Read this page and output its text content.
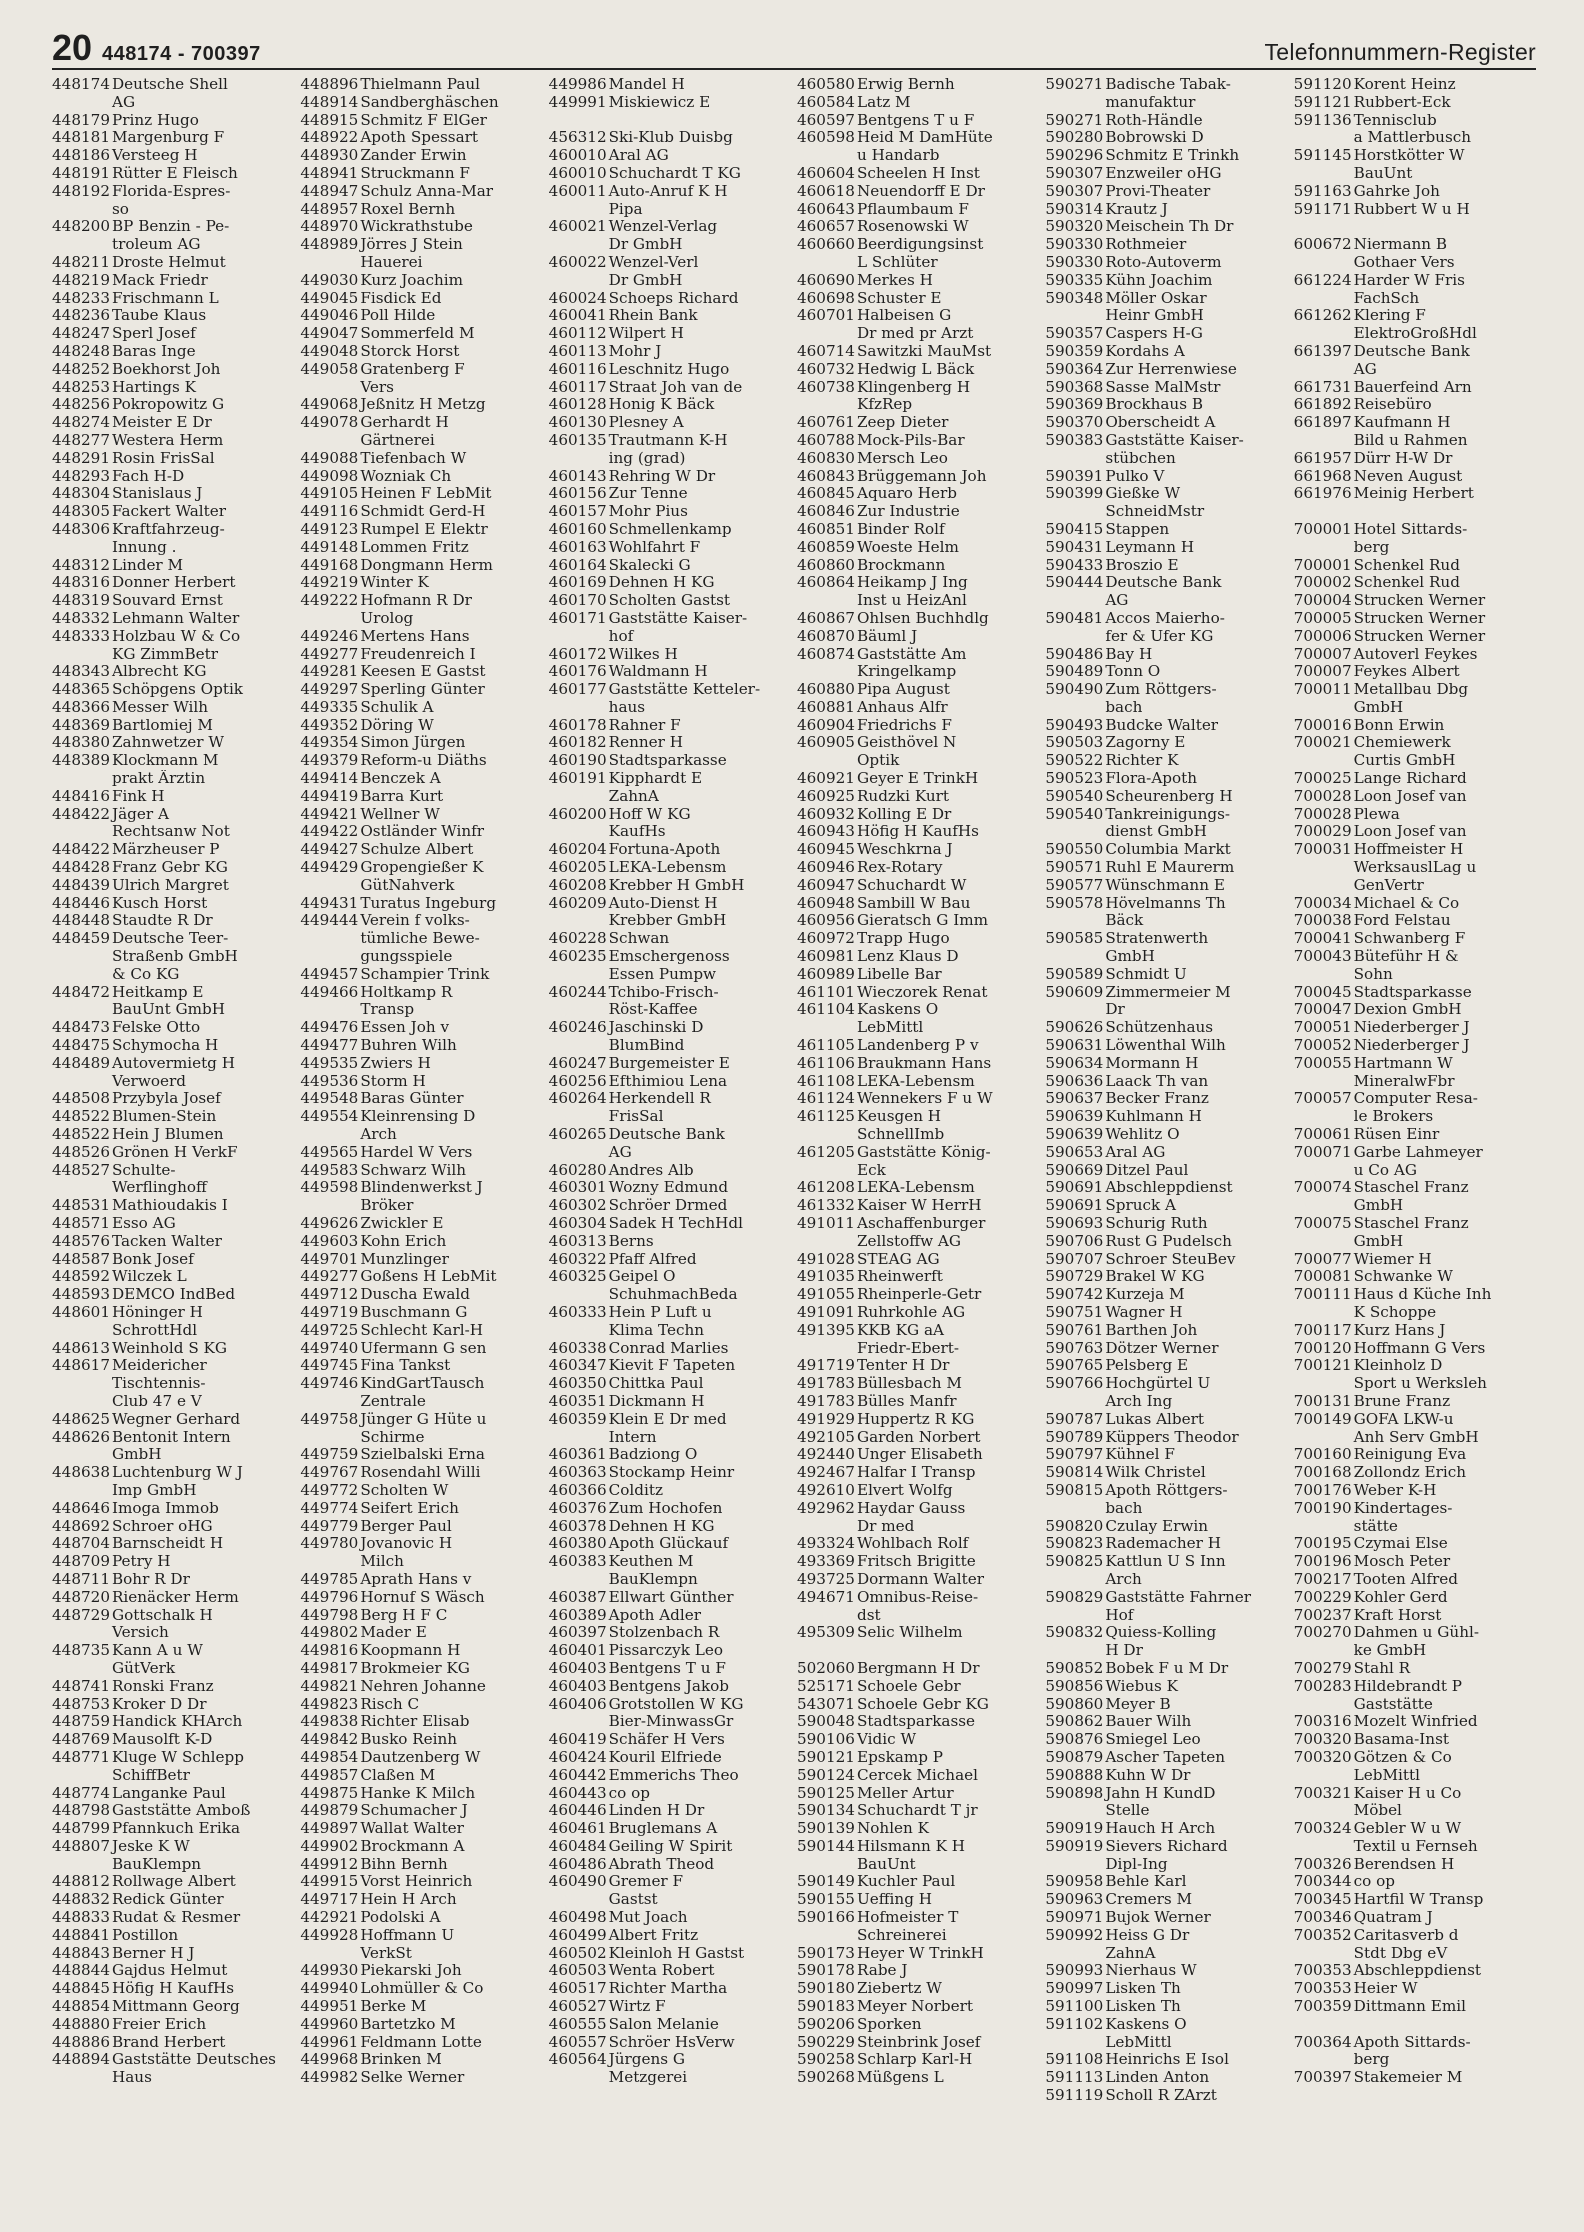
20 448174 - 700397	Telefonnummern-Register
448174 Deutsche Shell
AG
448179 Prinz Hugo
448181 Margenburg F
448186 Versteeg H
448191 Rütter E Fleisch
448192 Florida-Espres-
so
448200 BP Benzin - Pe-
troleum AG
448211 Droste Helmut
448219 Mack Friedr
448233 Frischmann L
448236 Taube Klaus
448247 Sperl Josef
448248 Baras Inge
448252 Boekhorst Joh
448253 Hartings K
448256 Pokropowitz G
448274 Meister E Dr
448277 Westera Herm
448291 Rosin FrisSal
448293 Fach H-D
448304 Stanislaus J
448305 Fackert Walter
448306 Kraftfahrzeug-
Innung .
448312 Linder M
448316 Donner Herbert
448319 Souvard Ernst
448332 Lehmann Walter
448333 Holzbau W & Co
KG ZimmBetr
448343 Albrecht KG
448365 Schöpgens Optik
448366 Messer Wilh
448369 Bartlomiej M
448380 Zahnwetzer W
448389 Klockmann M
prakt Ärztin
448416 Fink H
448422 Jäger A
Rechtsanw Not
448422 Märzheuser P
448428 Franz Gebr KG
448439 Ulrich Margret
448446 Kusch Horst
448448 Staudte R Dr
448459 Deutsche Teer-
Straßenb GmbH
& Co KG
448472 Heitkamp E
BauUnt GmbH
448473 Felske Otto
448475 Schymocha H
448489 Autovermietg H
Verwoerd
448508 Przybyla Josef
448522 Blumen-Stein
448522 Hein J Blumen
448526 Grönen H VerkF
448527 Schulte-
Werflinghoff
448531 Mathioudakis I
448571 Esso AG
448576 Tacken Walter
448587 Bonk Josef
448592 Wilczek L
448593 DEMCO IndBed
448601 Höninger H
SchrottHdl
448613 Weinhold S KG
448617 Meidericher
Tischtennis-
Club 47 e V
448625 Wegner Gerhard
448626 Bentonit Intern
GmbH
448638 Luchtenburg W J
Imp GmbH
448646 Imoga Immob
448692 Schroer oHG
448704 Barnscheidt H
448709 Petry H
448711 Bohr R Dr
448720 Rienäcker Herm
448729 Gottschalk H
Versich
448735 Kann A u W
GütVerk
448741 Ronski Franz
448753 Kroker D Dr
448759 Handick KHArch
448769 Mausolft K-D
448771 Kluge W Schlepp
SchiffBetr
448774 Langanke Paul
448798 Gaststätte Amboß
448799 Pfannkuch Erika
448807 Jeske K W
BauKlempn
448812 Rollwage Albert
448832 Redick Günter
448833 Rudat & Resmer
448841 Postillon
448843 Berner H J
448844 Gajdus Helmut
448845 Höfig H KaufHs
448854 Mittmann Georg
448880 Freier Erich
448886 Brand Herbert
448894 Gaststätte Deutsches
Haus
448896 Thielmann Paul
448914 Sandberghäschen
448915 Schmitz F ElGer
448922 Apoth Spessart
448930 Zander Erwin
448941 Struckmann F
448947 Schulz Anna-Mar
448957 Roxel Bernh
448970 Wickrathstube
448989 Jörres J Stein
Hauerei
449030 Kurz Joachim
449045 Fisdick Ed
449046 Poll Hilde
449047 Sommerfeld M
449048 Storck Horst
449058 Gratenberg F
Vers
449068 Jeßnitz H Metzg
449078 Gerhardt H
Gärtnerei
449088 Tiefenbach W
449098 Wozniak Ch
449105 Heinen F LebMit
449116 Schmidt Gerd-H
449123 Rumpel E Elektr
449148 Lommen Fritz
449168 Dongmann Herm
449219 Winter K
449222 Hofmann R Dr
Urolog
449246 Mertens Hans
449277 Freudenreich I
449281 Keesen E Gastst
449297 Sperling Günter
449335 Schulik A
449352 Döring W
449354 Simon Jürgen
449379 Reform-u Diäths
449414 Benczek A
449419 Barra Kurt
449421 Wellner W
449422 Ostländer Winfr
449427 Schulze Albert
449429 Gropengießer K
GütNahverk
449431 Turatus Ingeburg
449444 Verein f volks-
tümliche Bewe-
gungsspiele
449457 Schampier Trink
449466 Holtkamp R
Transp
449476 Essen Joh v
449477 Buhren Wilh
449535 Zwiers H
449536 Storm H
449548 Baras Günter
449554 Kleinrensing D
Arch
449565 Hardel W Vers
449583 Schwarz Wilh
449598 Blindenwerkst J
Bröker
449626 Zwickler E
449603 Kohn Erich
449701 Munzlinger
449277 Goßens H LebMit
449712 Duscha Ewald
449719 Buschmann G
449725 Schlecht Karl-H
449740 Ufermann G sen
449745 Fina Tankst
449746 KindGartTausch
Zentrale
449758 Jünger G Hüte u
Schirme
449759 Szielbalski Erna
449767 Rosendahl Willi
449772 Scholten W
449774 Seifert Erich
449779 Berger Paul
449780 Jovanovic H
Milch
449785 Aprath Hans v
449796 Hornuf S Wäsch
449798 Berg H F C
449802 Mader E
449816 Koopmann H
449817 Brokmeier KG
449821 Nehren Johanne
449823 Risch C
449838 Richter Elisab
449842 Busko Reinh
449854 Dautzenberg W
449857 Claßen M
449875 Hanke K Milch
449879 Schumacher J
449897 Wallat Walter
449902 Brockmann A
449912 Bihn Bernh
449915 Vorst Heinrich
449717 Hein H Arch
442921 Podolski A
449928 Hoffmann U
VerkSt
449930 Piekarski Joh
449940 Lohmüller & Co
449951 Berke M
449960 Bartetzko M
449961 Feldmann Lotte
449968 Brinken M
449982 Selke Werner
449986 Mandel H
449991 Miskiewicz E
456312 Ski-Klub Duisbg
460010 Aral AG
460010 Schuchardt T KG
460011 Auto-Anruf K H
Pipa
460021 Wenzel-Verlag
Dr GmbH
460022 Wenzel-Verl
Dr GmbH
460024 Schoeps Richard
460041 Rhein Bank
460112 Wilpert H
460113 Mohr J
460116 Leschnitz Hugo
460117 Straat Joh van de
460128 Honig K Bäck
460130 Plesney A
460135 Trautmann K-H
ing (grad)
460143 Rehring W Dr
460156 Zur Tenne
460157 Mohr Pius
460160 Schmellenkamp
460163 Wohlfahrt F
460164 Skalecki G
460169 Dehnen H KG
460170 Scholten Gastst
460171 Gaststätte Kaiser-
hof
460172 Wilkes H
460176 Waldmann H
460177 Gaststätte Ketteler-
haus
460178 Rahner F
460182 Renner H
460190 Stadtsparkasse
460191 Kipphardt E
ZahnA
460200 Hoff W KG
KaufHs
460204 Fortuna-Apoth
460205 LEKA-Lebensm
460208 Krebber H GmbH
460209 Auto-Dienst H
Krebber GmbH
460228 Schwan
460235 Emschergenoss
Essen Pumpw
460244 Tchibo-Frisch-
Röst-Kaffee
460246 Jaschinski D
BlumBind
460247 Burgemeister E
460256 Efthimiou Lena
460264 Herkendell R
FrisSal
460265 Deutsche Bank
AG
460280 Andres Alb
460301 Wozny Edmund
460302 Schröer Drmed
460304 Sadek H TechHdl
460313 Berns
460322 Pfaff Alfred
460325 Geipel O
SchuhmachBeda
460333 Hein P Luft u
Klima Techn
460338 Conrad Marlies
460347 Kievit F Tapeten
460350 Chittka Paul
460351 Dickmann H
460359 Klein E Dr med
Intern
460361 Badziong O
460363 Stockamp Heinr
460366 Colditz
460376 Zum Hochofen
460378 Dehnen H KG
460380 Apoth Glückauf
460383 Keuthen M
BauKlempn
460387 Ellwart Günther
460389 Apoth Adler
460397 Stolzenbach R
460401 Pissarczyk Leo
460403 Bentgens T u F
460403 Bentgens Jakob
460406 Grotstollen W KG
Bier-MinwassGr
460419 Schäfer H Vers
460424 Kouril Elfriede
460442 Emmerichs Theo
460443 co op
460446 Linden H Dr
460461 Bruglemans A
460484 Geiling W Spirit
460486 Abrath Theod
460490 Gremer F
Gastst
460498 Mut Joach
460499 Albert Fritz
460502 Kleinloh H Gastst
460503 Wenta Robert
460517 Richter Martha
460527 Wirtz F
460555 Salon Melanie
460557 Schröer HsVerw
460564 Jürgens G
Metzgerei
460580 Erwig Bernh
460584 Latz M
460597 Bentgens T u F
460598 Heid M DamHüte
u Handarb
460604 Scheelen H Inst
460618 Neuendorff E Dr
460643 Pflaumbaum F
460657 Rosenowski W
460660 Beerdigungsinst
L Schlüter
460690 Merkes H
460698 Schuster E
460701 Halbeisen G
Dr med pr Arzt
460714 Sawitzki MauMst
460732 Hedwig L Bäck
460738 Klingenberg H
KfzRep
460761 Zeep Dieter
460788 Mock-Pils-Bar
460830 Mersch Leo
460843 Brüggemann Joh
460845 Aquaro Herb
460846 Zur Industrie
460851 Binder Rolf
460859 Woeste Helm
460860 Brockmann
460864 Heikamp J Ing
Inst u HeizAnl
460867 Ohlsen Buchhdlg
460870 Bäuml J
460874 Gaststätte Am
Kringelkamp
460880 Pipa August
460881 Anhaus Alfr
460904 Friedrichs F
460905 Geisthövel N
Optik
460921 Geyer E TrinkH
460925 Rudzki Kurt
460932 Kolling E Dr
460943 Höfig H KaufHs
460945 Weschkrna J
460946 Rex-Rotary
460947 Schuchardt W
460948 Sambill W Bau
460956 Gieratsch G Imm
460972 Trapp Hugo
460981 Lenz Klaus D
460989 Libelle Bar
461101 Wieczorek Renat
461104 Kaskens O
LebMittl
461105 Landenberg P v
461106 Braukmann Hans
461108 LEKA-Lebensm
461124 Wennekers F u W
461125 Keusgen H
SchnellImb
461205 Gaststätte König-
Eck
461208 LEKA-Lebensm
461332 Kaiser W HerrH
491011 Aschaffenburger
Zellstoffw AG
491028 STEAG AG
491035 Rheinwerft
491055 Rheinperle-Getr
491091 Ruhrkohle AG
491395 KKB KG aA
Friedr-Ebert-
491719 Tenter H Dr
491783 Büllesbach M
491783 Bülles Manfr
491929 Huppertz R KG
492105 Garden Norbert
492440 Unger Elisabeth
492467 Halfar I Transp
492610 Elvert Wolfg
492962 Haydar Gauss
Dr med
493324 Wohlbach Rolf
493369 Fritsch Brigitte
493725 Dormann Walter
494671 Omnibus-Reise-
dst
495309 Selic Wilhelm
502060 Bergmann H Dr
525171 Schoele Gebr
543071 Schoele Gebr KG
590048 Stadtsparkasse
590106 Vidic W
590121 Epskamp P
590124 Cercek Michael
590125 Meller Artur
590134 Schuchardt T jr
590139 Nohlen K
590144 Hilsmann K H
BauUnt
590149 Kuchler Paul
590155 Ueffing H
590166 Hofmeister T
Schreinerei
590173 Heyer W TrinkH
590178 Rabe J
590180 Ziebertz W
590183 Meyer Norbert
590206 Sporken
590229 Steinbrink Josef
590258 Schlarp Karl-H
590268 Müßgens L
590271 Badische Tabak-
manufaktur
590271 Roth-Händle
590280 Bobrowski D
590296 Schmitz E Trinkh
590307 Enzweiler oHG
590307 Provi-Theater
590314 Krautz J
590320 Meischein Th Dr
590330 Rothmeier
590330 Roto-Autoverm
590335 Kühn Joachim
590348 Möller Oskar
Heinr GmbH
590357 Caspers H-G
590359 Kordahs A
590364 Zur Herrenwiese
590368 Sasse MalMstr
590369 Brockhaus B
590370 Oberscheidt A
590383 Gaststätte Kaiser-
stübchen
590391 Pulko V
590399 Gießke W
SchneidMstr
590415 Stappen
590431 Leymann H
590433 Broszio E
590444 Deutsche Bank
AG
590481 Accos Maierho-
fer & Ufer KG
590486 Bay H
590489 Tonn O
590490 Zum Röttgers-
bach
590493 Budcke Walter
590503 Zagorny E
590522 Richter K
590523 Flora-Apoth
590540 Scheurenberg H
590540 Tankreinigungs-
dienst GmbH
590550 Columbia Markt
590571 Ruhl E Maurerm
590577 Wünschmann E
590578 Hövelmanns Th
Bäck
590585 Stratenwerth
GmbH
590589 Schmidt U
590609 Zimmermeier M
Dr
590626 Schützenhaus
590631 Löwenthal Wilh
590634 Mormann H
590636 Laack Th van
590637 Becker Franz
590639 Kuhlmann H
590639 Wehlitz O
590653 Aral AG
590669 Ditzel Paul
590691 Abschleppdienst
590691 Spruck A
590693 Schurig Ruth
590706 Rust G Pudelsch
590707 Schroer SteuBev
590729 Brakel W KG
590742 Kurzeja M
590751 Wagner H
590761 Barthen Joh
590763 Dötzer Werner
590765 Pelsberg E
590766 Hochgürtel U
Arch Ing
590787 Lukas Albert
590789 Küppers Theodor
590797 Kühnel F
590814 Wilk Christel
590815 Apoth Röttgers-
bach
590820 Czulay Erwin
590823 Rademacher H
590825 Kattlun U S Inn
Arch
590829 Gaststätte Fahrner
Hof
590832 Quiess-Kolling
H Dr
590852 Bobek F u M Dr
590856 Wiebus K
590860 Meyer B
590862 Bauer Wilh
590876 Smiegel Leo
590879 Ascher Tapeten
590888 Kuhn W Dr
590898 Jahn H KundD
Stelle
590919 Hauch H Arch
590919 Sievers Richard
Dipl-Ing
590958 Behle Karl
590963 Cremers M
590971 Bujok Werner
590992 Heiss G Dr
ZahnA
590993 Nierhaus W
590997 Lisken Th
591100 Lisken Th
591102 Kaskens O
LebMittl
591108 Heinrichs E Isol
591113 Linden Anton
591119 Scholl R ZArzt
591120 Korent Heinz
591121 Rubbert-Eck
591136 Tennisclub
a Mattlerbusch
591145 Horstkötter W
BauUnt
591163 Gahrke Joh
591171 Rubbert W u H
600672 Niermann B
Gothaer Vers
661224 Harder W Fris
FachSch
661262 Klering F
ElektroGroßHdl
661397 Deutsche Bank
AG
661731 Bauerfeind Arn
661892 Reisebüro
661897 Kaufmann H
Bild u Rahmen
661957 Dürr H-W Dr
661968 Neven August
661976 Meinig Herbert
700001 Hotel Sittards-
berg
700001 Schenkel Rud
700002 Schenkel Rud
700004 Strucken Werner
700005 Strucken Werner
700006 Strucken Werner
700007 Autoverl Feykes
700007 Feykes Albert
700011 Metallbau Dbg
GmbH
700016 Bonn Erwin
700021 Chemiewerk
Curtis GmbH
700025 Lange Richard
700028 Loon Josef van
700028 Plewa
700029 Loon Josef van
700031 Hoffmeister H
WerksauslLag u
GenVertr
700034 Michael & Co
700038 Ford Felstau
700041 Schwanberg F
700043 Büteführ H &
Sohn
700045 Stadtsparkasse
700047 Dexion GmbH
700051 Niederberger J
700052 Niederberger J
700055 Hartmann W
MineralwFbr
700057 Computer Resa-
le Brokers
700061 Rüsen Einr
700071 Garbe Lahmeyer
u Co AG
700074 Staschel Franz
GmbH
700075 Staschel Franz
GmbH
700077 Wiemer H
700081 Schwanke W
700111 Haus d Küche Inh
K Schoppe
700117 Kurz Hans J
700120 Hoffmann G Vers
700121 Kleinholz D
Sport u Werksleh
700131 Brune Franz
700149 GOFA LKW-u
Anh Serv GmbH
700160 Reinigung Eva
700168 Zollondz Erich
700176 Weber K-H
700190 Kindertages-
stätte
700195 Czymai Else
700196 Mosch Peter
700217 Tooten Alfred
700229 Kohler Gerd
700237 Kraft Horst
700270 Dahmen u Gühl-
ke GmbH
700279 Stahl R
700283 Hildebrandt P
Gaststätte
700316 Mozelt Winfried
700320 Basama-Inst
700320 Götzen & Co
LebMittl
700321 Kaiser H u Co
Möbel
700324 Gebler W u W
Textil u Fernseh
700326 Berendsen H
700344 co op
700345 Hartfil W Transp
700346 Quatram J
700352 Caritasverb d
Stdt Dbg eV
700353 Abschleppdienst
700353 Heier W
700359 Dittmann Emil
700364 Apoth Sittards-
berg
700397 Stakemeier M
